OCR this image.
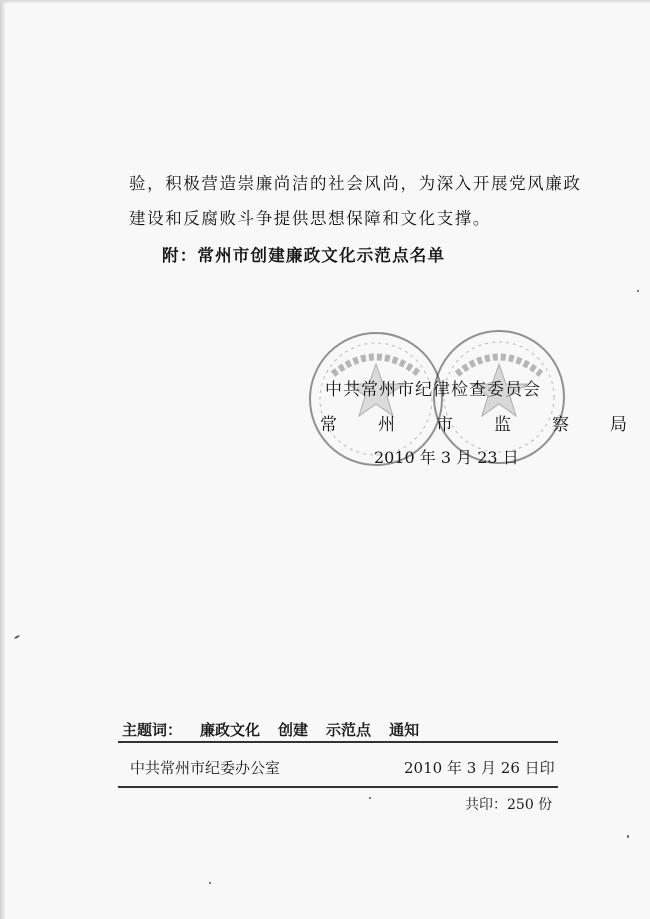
验，积极营造崇廉尚洁的社会风尚，为深入开展党风廉政
建设和反腐败斗争提供思想保障和文化支撑。
附：常州市创建廉政文化示范点名单
中共常州市纪律检查委员会
常 州 市 监 察 局
2010 年 3 月 23 日
主题词： 廉政文化 创建 示范点 通知
中共常州市纪委办公室	2010 年 3 月 26 日印
共印：250 份
